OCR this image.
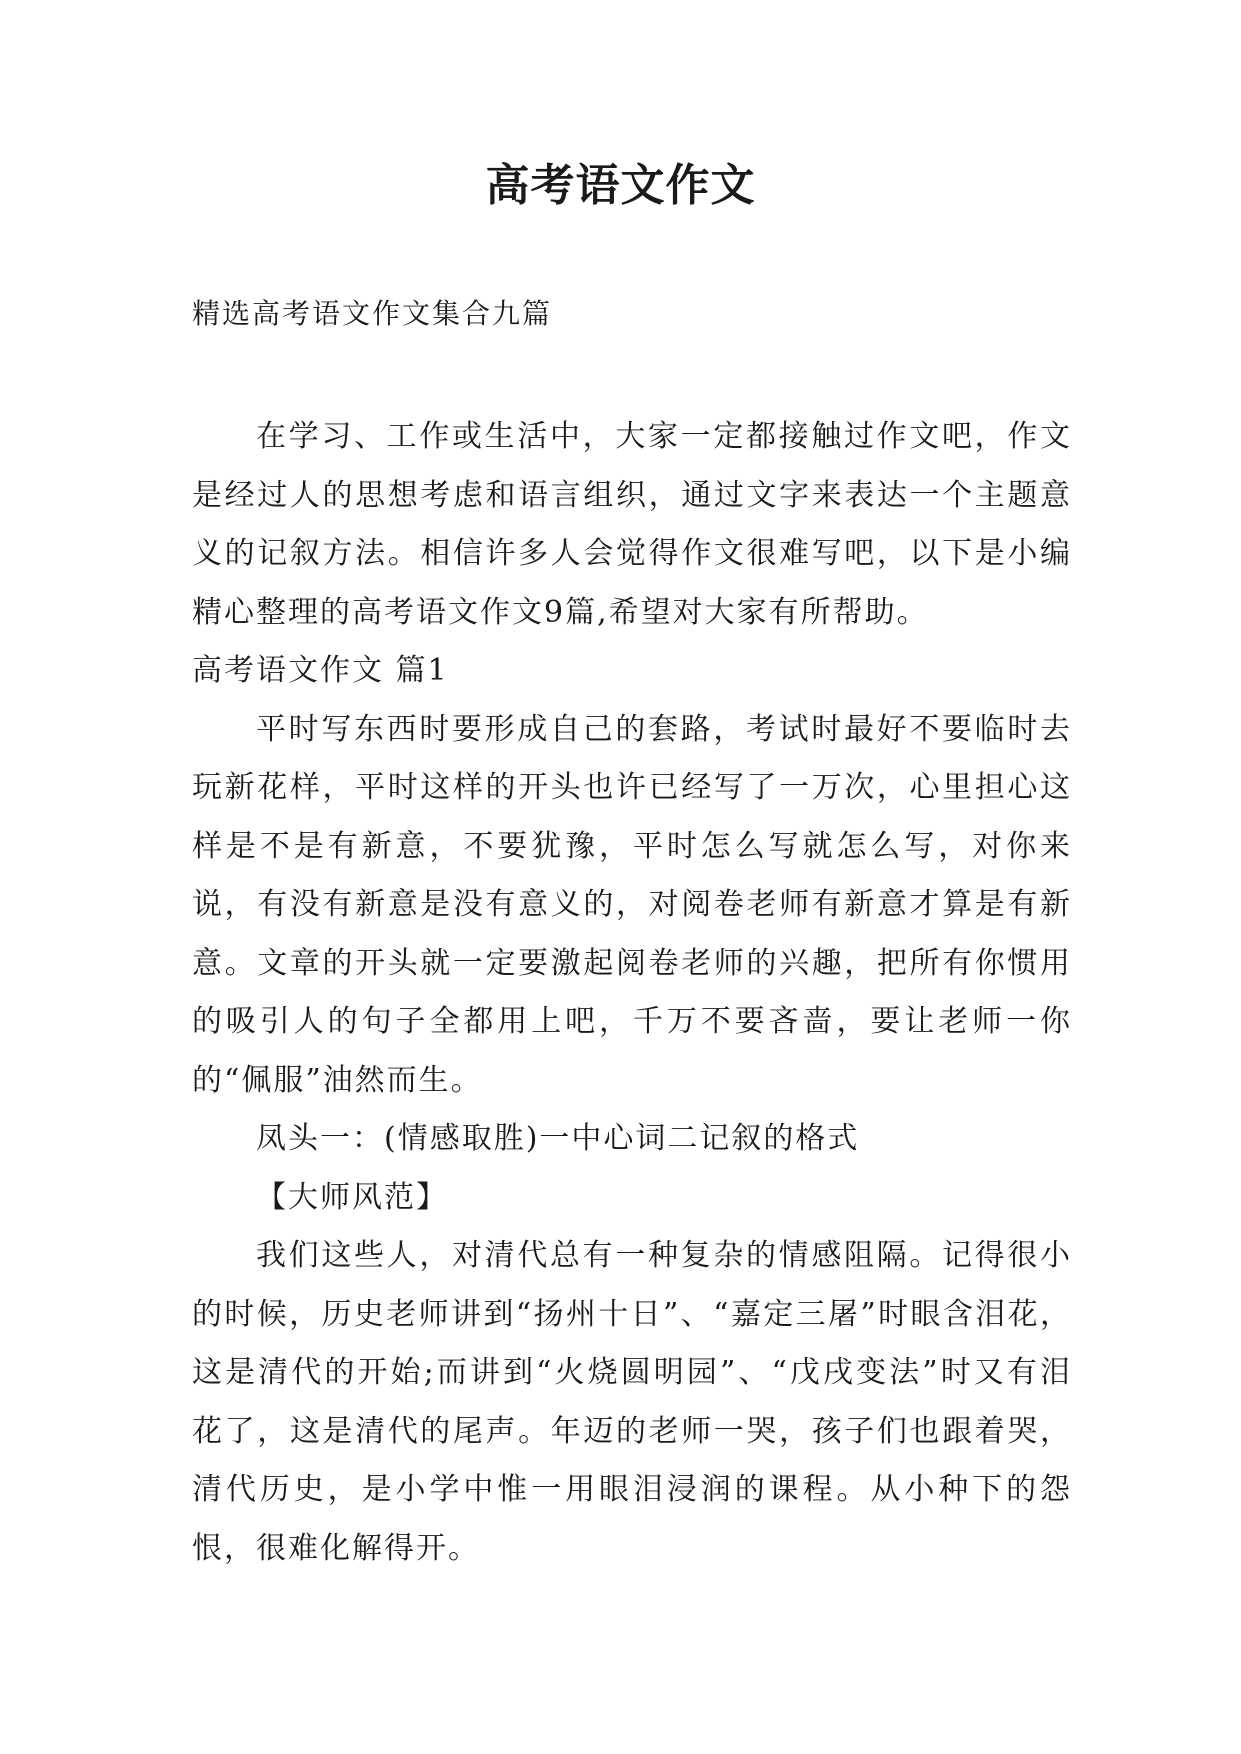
高考语文作文

精选高考语文作文集合九篇

在学习、工作或生活中，大家一定都接触过作文吧，作文是经过人的思想考虑和语言组织，通过文字来表达一个主题意义的记叙方法。相信许多人会觉得作文很难写吧，以下是小编精心整理的高考语文作文9篇,希望对大家有所帮助。

高考语文作文 篇1

平时写东西时要形成自己的套路，考试时最好不要临时去玩新花样，平时这样的开头也许已经写了一万次，心里担心这样是不是有新意，不要犹豫，平时怎么写就怎么写，对你来说，有没有新意是没有意义的，对阅卷老师有新意才算是有新意。文章的开头就一定要激起阅卷老师的兴趣，把所有你惯用的吸引人的句子全都用上吧，千万不要吝啬，要让老师一你的“佩服”油然而生。

凤头一：(情感取胜)一中心词二记叙的格式

【大师风范】

我们这些人，对清代总有一种复杂的情感阻隔。记得很小的时候，历史老师讲到“扬州十日”、“嘉定三屠”时眼含泪花，这是清代的开始;而讲到“火烧圆明园”、“戊戌变法”时又有泪花了，这是清代的尾声。年迈的老师一哭，孩子们也跟着哭，清代历史，是小学中惟一用眼泪浸润的课程。从小种下的怨恨，很难化解得开。
